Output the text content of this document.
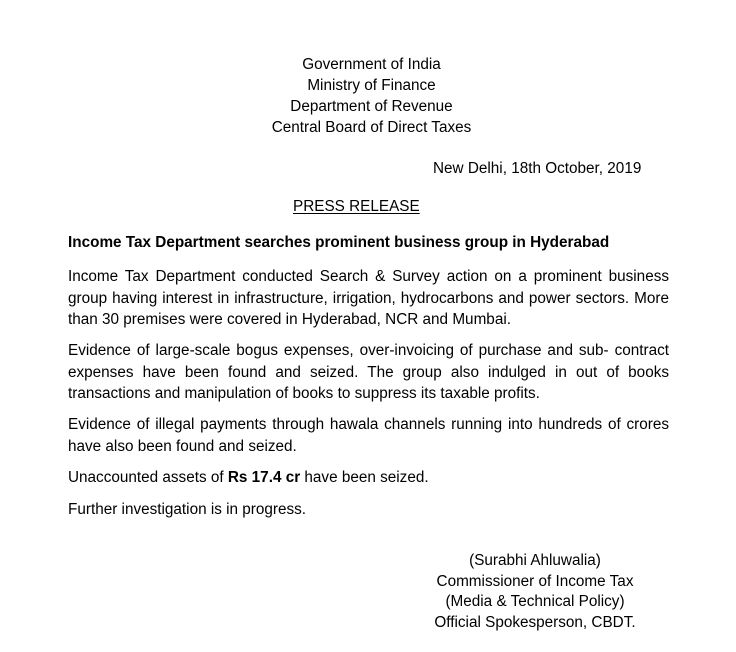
Government of India
Ministry of Finance
Department of Revenue
Central Board of Direct Taxes
New Delhi, 18th October, 2019
PRESS RELEASE
Income Tax Department searches prominent business group in Hyderabad
Income Tax Department conducted Search & Survey action on a prominent business group having interest in infrastructure, irrigation, hydrocarbons and power sectors. More than 30 premises were covered in Hyderabad, NCR and Mumbai.
Evidence of large-scale bogus expenses, over-invoicing of purchase and sub- contract expenses have been found and seized. The group also indulged in out of books transactions and manipulation of books to suppress its taxable profits.
Evidence of illegal payments through hawala channels running into hundreds of crores have also been found and seized.
Unaccounted assets of Rs 17.4 cr have been seized.
Further investigation is in progress.
(Surabhi Ahluwalia)
Commissioner of Income Tax
(Media & Technical Policy)
Official Spokesperson, CBDT.
